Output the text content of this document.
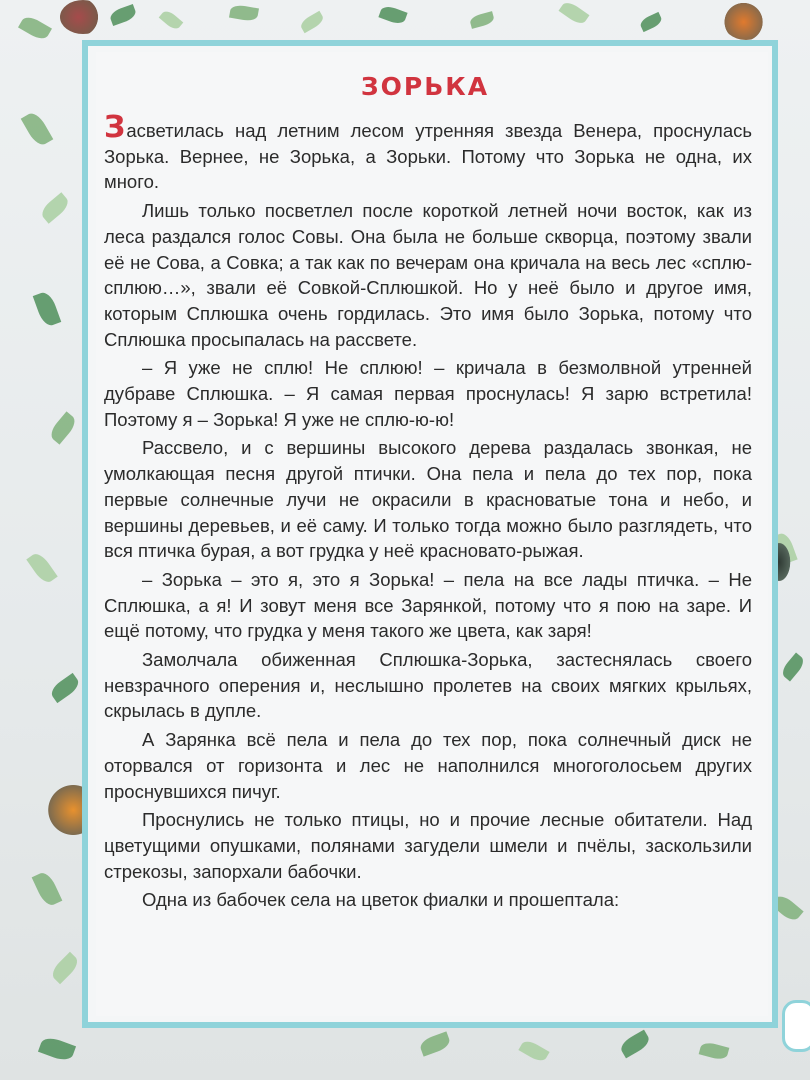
ЗОРЬКА

Засветилась над летним лесом утренняя звезда Венера, проснулась Зорька. Вернее, не Зорька, а Зорьки. Потому что Зорька не одна, их много.

Лишь только посветлел после короткой летней ночи восток, как из леса раздался голос Совы. Она была не больше скворца, поэтому звали её не Сова, а Совка; а так как по вечерам она кричала на весь лес «сплю-сплюю…», звали её Совкой-Сплюшкой. Но у неё было и другое имя, которым Сплюшка очень гордилась. Это имя было Зорька, потому что Сплюшка просыпалась на рассвете.

– Я уже не сплю! Не сплюю! – кричала в безмолвной утренней дубраве Сплюшка. – Я самая первая проснулась! Я зарю встретила! Поэтому я – Зорька! Я уже не сплю-ю-ю!

Рассвело, и с вершины высокого дерева раздалась звонкая, не умолкающая песня другой птички. Она пела и пела до тех пор, пока первые солнечные лучи не окрасили в красноватые тона и небо, и вершины деревьев, и её саму. И только тогда можно было разглядеть, что вся птичка бурая, а вот грудка у неё красновато-рыжая.

– Зорька – это я, это я Зорька! – пела на все лады птичка. – Не Сплюшка, а я! И зовут меня все Зарянкой, потому что я пою на заре. И ещё потому, что грудка у меня такого же цвета, как заря!

Замолчала обиженная Сплюшка-Зорька, застеснялась своего невзрачного оперения и, неслышно пролетев на своих мягких крыльях, скрылась в дупле.

А Зарянка всё пела и пела до тех пор, пока солнечный диск не оторвался от горизонта и лес не наполнился многоголосьем других проснувшихся пичуг.

Проснулись не только птицы, но и прочие лесные обитатели. Над цветущими опушками, полянами загудели шмели и пчёлы, заскользили стрекозы, запорхали бабочки.

Одна из бабочек села на цветок фиалки и прошептала:
